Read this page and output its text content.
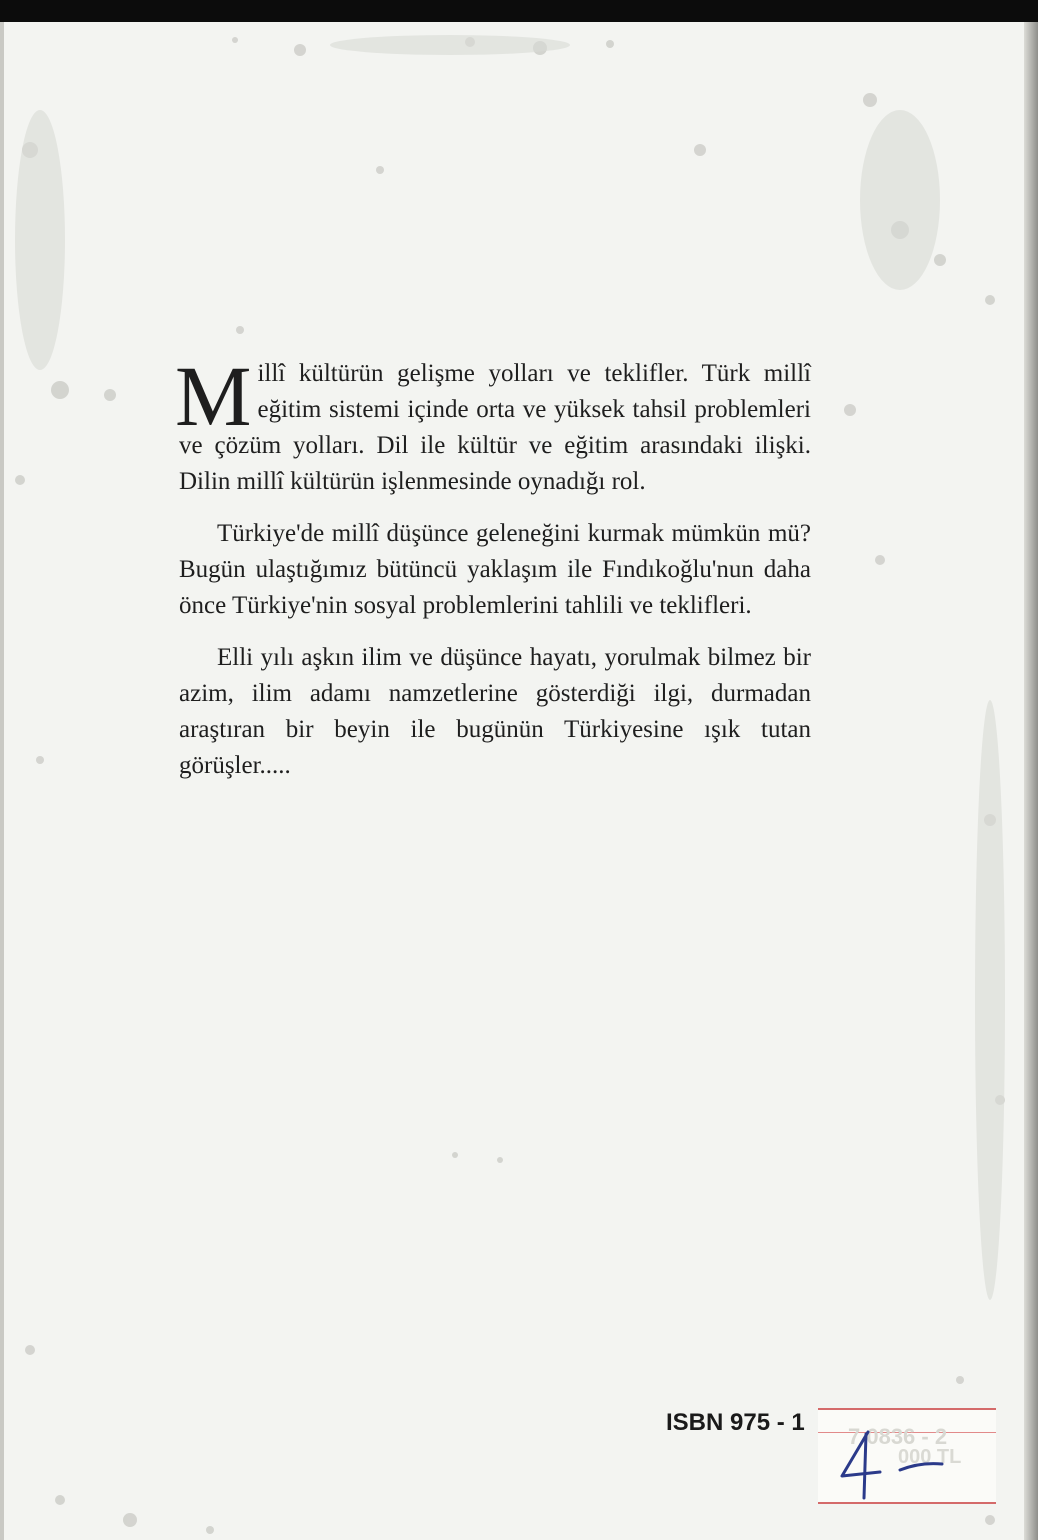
Millî kültürün gelişme yolları ve teklifler. Türk millî eğitim sistemi içinde orta ve yüksek tahsil problemleri ve çözüm yolları. Dil ile kültür ve eğitim arasındaki ilişki. Dilin millî kültürün işlenmesinde oynadığı rol.

Türkiye'de millî düşünce geleneğini kurmak mümkün mü? Bugün ulaştığımız bütüncü yaklaşım ile Fındıkoğlu'nun daha önce Türkiye'nin sosyal problemlerini tahlili ve teklifleri.

Elli yılı aşkın ilim ve düşünce hayatı, yorulmak bilmez bir azim, ilim adamı namzetlerine gösterdiği ilgi, durmadan araştıran bir beyin ile bugünün Türkiyesine ışık tutan görüşler.....

ISBN 975 - 1
7 0836 - 2
000 TL
